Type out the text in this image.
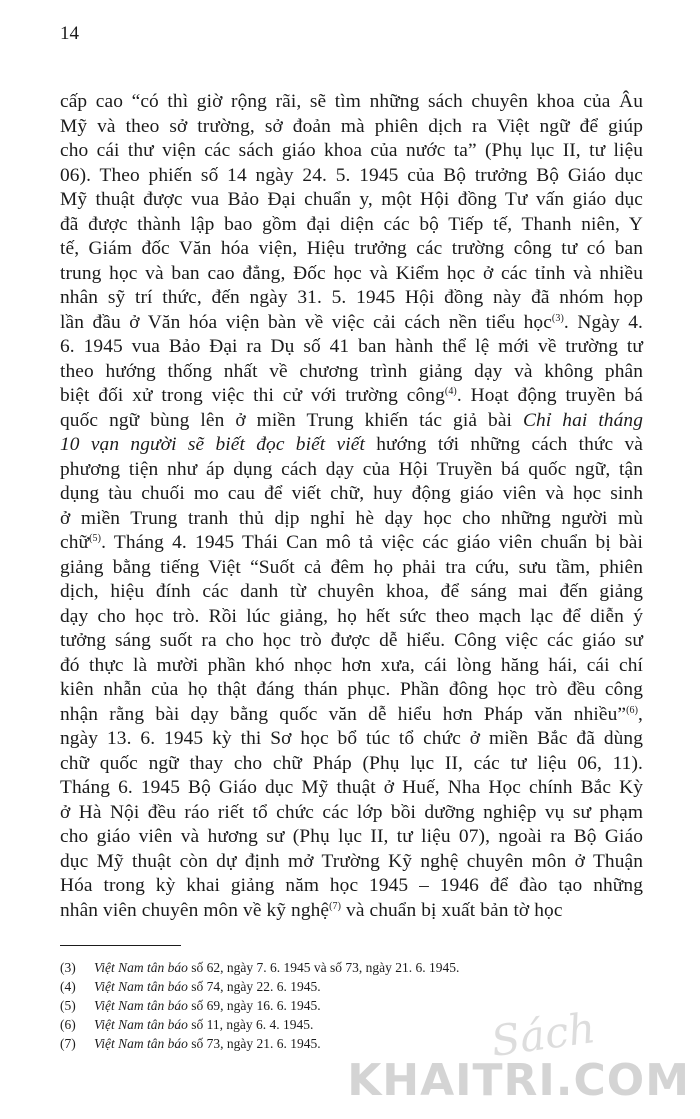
14
cấp cao “có thì giờ rộng rãi, sẽ tìm những sách chuyên khoa của Âu
Mỹ và theo sở trường, sở đoản mà phiên dịch ra Việt ngữ để giúp
cho cái thư viện các sách giáo khoa của nước ta” (Phụ lục II, tư liệu
06). Theo phiến số 14 ngày 24. 5. 1945 của Bộ trưởng Bộ Giáo dục
Mỹ thuật được vua Bảo Đại chuẩn y, một Hội đồng Tư vấn giáo dục
đã được thành lập bao gồm đại diện các bộ Tiếp tế, Thanh niên, Y
tế, Giám đốc Văn hóa viện, Hiệu trưởng các trường công tư có ban
trung học và ban cao đẳng, Đốc học và Kiểm học ở các tỉnh và nhiều
nhân sỹ trí thức, đến ngày 31. 5. 1945 Hội đồng này đã nhóm họp
lần đầu ở Văn hóa viện bàn về việc cải cách nền tiểu học$^{(3)}$. Ngày 4.
6. 1945 vua Bảo Đại ra Dụ số 41 ban hành thể lệ mới về trường tư
theo hướng thống nhất về chương trình giảng dạy và không phân
biệt đối xử trong việc thi cử với trường công$^{(4)}$. Hoạt động truyền bá
quốc ngữ bùng lên ở miền Trung khiến tác giả bài Chỉ hai tháng
10 vạn người sẽ biết đọc biết viết hướng tới những cách thức và
phương tiện như áp dụng cách dạy của Hội Truyền bá quốc ngữ, tận
dụng tàu chuối mo cau để viết chữ, huy động giáo viên và học sinh
ở miền Trung tranh thủ dịp nghỉ hè dạy học cho những người mù
chữ$^{(5)}$. Tháng 4. 1945 Thái Can mô tả việc các giáo viên chuẩn bị bài
giảng bằng tiếng Việt “Suốt cả đêm họ phải tra cứu, sưu tầm, phiên
dịch, hiệu đính các danh từ chuyên khoa, để sáng mai đến giảng
dạy cho học trò. Rồi lúc giảng, họ hết sức theo mạch lạc để diễn ý
tưởng sáng suốt ra cho học trò được dễ hiểu. Công việc các giáo sư
đó thực là mười phần khó nhọc hơn xưa, cái lòng hăng hái, cái chí
kiên nhẫn của họ thật đáng thán phục. Phần đông học trò đều công
nhận rằng bài dạy bằng quốc văn dễ hiểu hơn Pháp văn nhiều”$^{(6)}$,
ngày 13. 6. 1945 kỳ thi Sơ học bổ túc tổ chức ở miền Bắc đã dùng
chữ quốc ngữ thay cho chữ Pháp (Phụ lục II, các tư liệu 06, 11).
Tháng 6. 1945 Bộ Giáo dục Mỹ thuật ở Huế, Nha Học chính Bắc Kỳ
ở Hà Nội đều ráo riết tổ chức các lớp bồi dưỡng nghiệp vụ sư phạm
cho giáo viên và hương sư (Phụ lục II, tư liệu 07), ngoài ra Bộ Giáo
dục Mỹ thuật còn dự định mở Trường Kỹ nghệ chuyên môn ở Thuận
Hóa trong kỳ khai giảng năm học 1945 – 1946 để đào tạo những
nhân viên chuyên môn về kỹ nghệ$^{(7)}$ và chuẩn bị xuất bản tờ học
(3)	Việt Nam tân báo số 62, ngày 7. 6. 1945 và số 73, ngày 21. 6. 1945.
(4)	Việt Nam tân báo số 74, ngày 22. 6. 1945.
(5)	Việt Nam tân báo số 69, ngày 16. 6. 1945.
(6)	Việt Nam tân báo số 11, ngày 6. 4. 1945.
(7)	Việt Nam tân báo số 73, ngày 21. 6. 1945.	Sách
KHAITRI.COM
